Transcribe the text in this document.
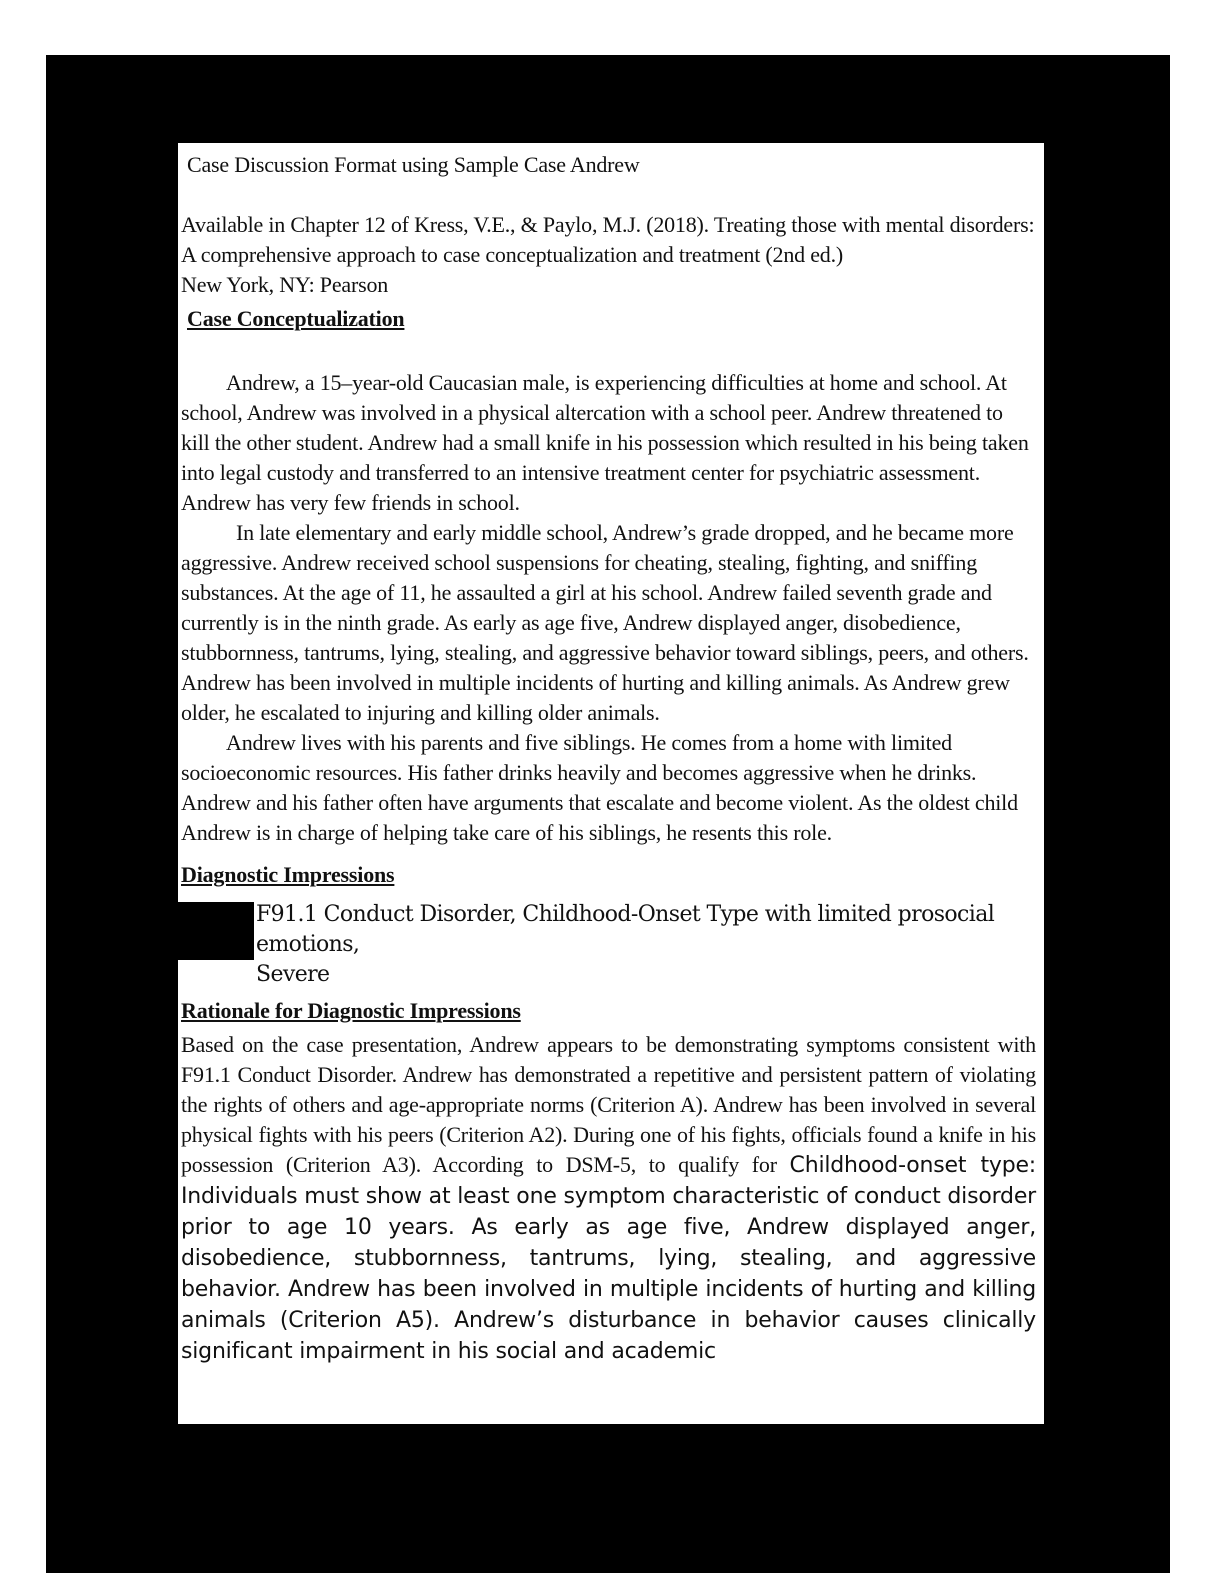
Case Discussion Format using Sample Case Andrew

Available in Chapter 12 of Kress, V.E., & Paylo, M.J. (2018). Treating those with mental disorders: A comprehensive approach to case conceptualization and treatment (2nd ed.)

New York, NY: Pearson

Case Conceptualization

Andrew, a 15–year-old Caucasian male, is experiencing difficulties at home and school. At school, Andrew was involved in a physical altercation with a school peer. Andrew threatened to kill the other student. Andrew had a small knife in his possession which resulted in his being taken into legal custody and transferred to an intensive treatment center for psychiatric assessment. Andrew has very few friends in school.

In late elementary and early middle school, Andrew’s grade dropped, and he became more aggressive. Andrew received school suspensions for cheating, stealing, fighting, and sniffing substances. At the age of 11, he assaulted a girl at his school. Andrew failed seventh grade and currently is in the ninth grade. As early as age five, Andrew displayed anger, disobedience, stubbornness, tantrums, lying, stealing, and aggressive behavior toward siblings, peers, and others. Andrew has been involved in multiple incidents of hurting and killing animals. As Andrew grew older, he escalated to injuring and killing older animals.

Andrew lives with his parents and five siblings. He comes from a home with limited socioeconomic resources. His father drinks heavily and becomes aggressive when he drinks. Andrew and his father often have arguments that escalate and become violent. As the oldest child Andrew is in charge of helping take care of his siblings, he resents this role.

Diagnostic Impressions
F91.1 Conduct Disorder, Childhood-Onset Type with limited prosocial emotions,
Severe
Rationale for Diagnostic Impressions

Based on the case presentation, Andrew appears to be demonstrating symptoms consistent with F91.1 Conduct Disorder. Andrew has demonstrated a repetitive and persistent pattern of violating the rights of others and age-appropriate norms (Criterion A). Andrew has been involved in several physical fights with his peers (Criterion A2). During one of his fights, officials found a knife in his possession (Criterion A3). According to DSM-5, to qualify for Childhood-onset type: Individuals must show at least one symptom characteristic of conduct disorder prior to age 10 years. As early as age five, Andrew displayed anger, disobedience, stubbornness, tantrums, lying, stealing, and aggressive behavior. Andrew has been involved in multiple incidents of hurting and killing animals (Criterion A5). Andrew’s disturbance in behavior causes clinically significant impairment in his social and academic
